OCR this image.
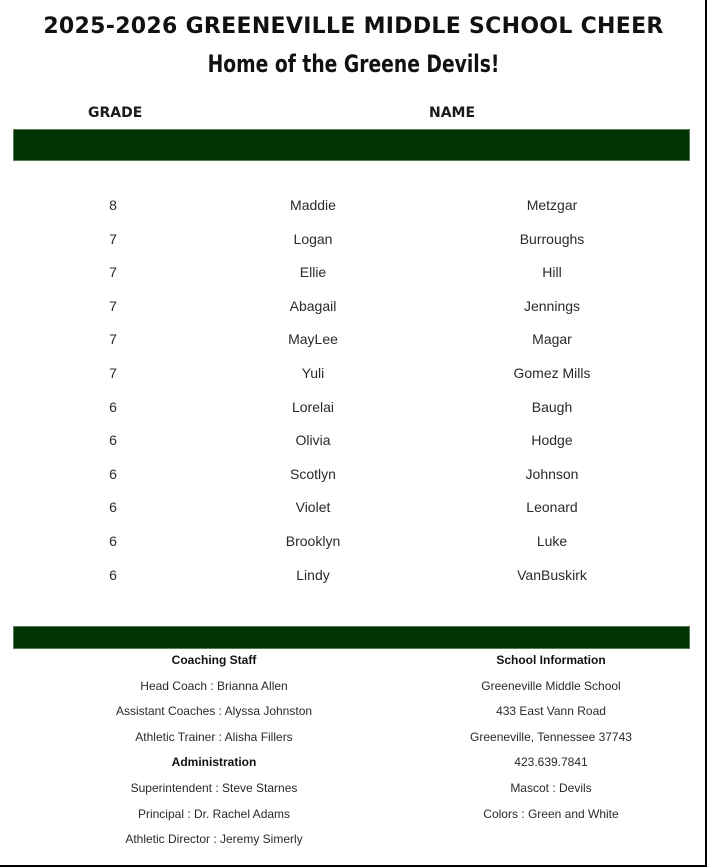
2025-2026 GREENEVILLE MIDDLE SCHOOL CHEER
Home of the Greene Devils!
GRADE	NAME
8	Maddie	Metzgar
7	Logan	Burroughs
7	Ellie	Hill
7	Abagail	Jennings
7	MayLee	Magar
7	Yuli	Gomez Mills
6	Lorelai	Baugh
6	Olivia	Hodge
6	Scotlyn	Johnson
6	Violet	Leonard
6	Brooklyn	Luke
6	Lindy	VanBuskirk
Coaching Staff
Head Coach : Brianna Allen
Assistant Coaches : Alyssa Johnston
Athletic Trainer : Alisha Fillers
Administration
Superintendent : Steve Starnes
Principal : Dr. Rachel Adams
Athletic Director : Jeremy Simerly
School Information
Greeneville Middle School
433 East Vann Road
Greeneville, Tennessee 37743
423.639.7841
Mascot : Devils
Colors : Green and White
